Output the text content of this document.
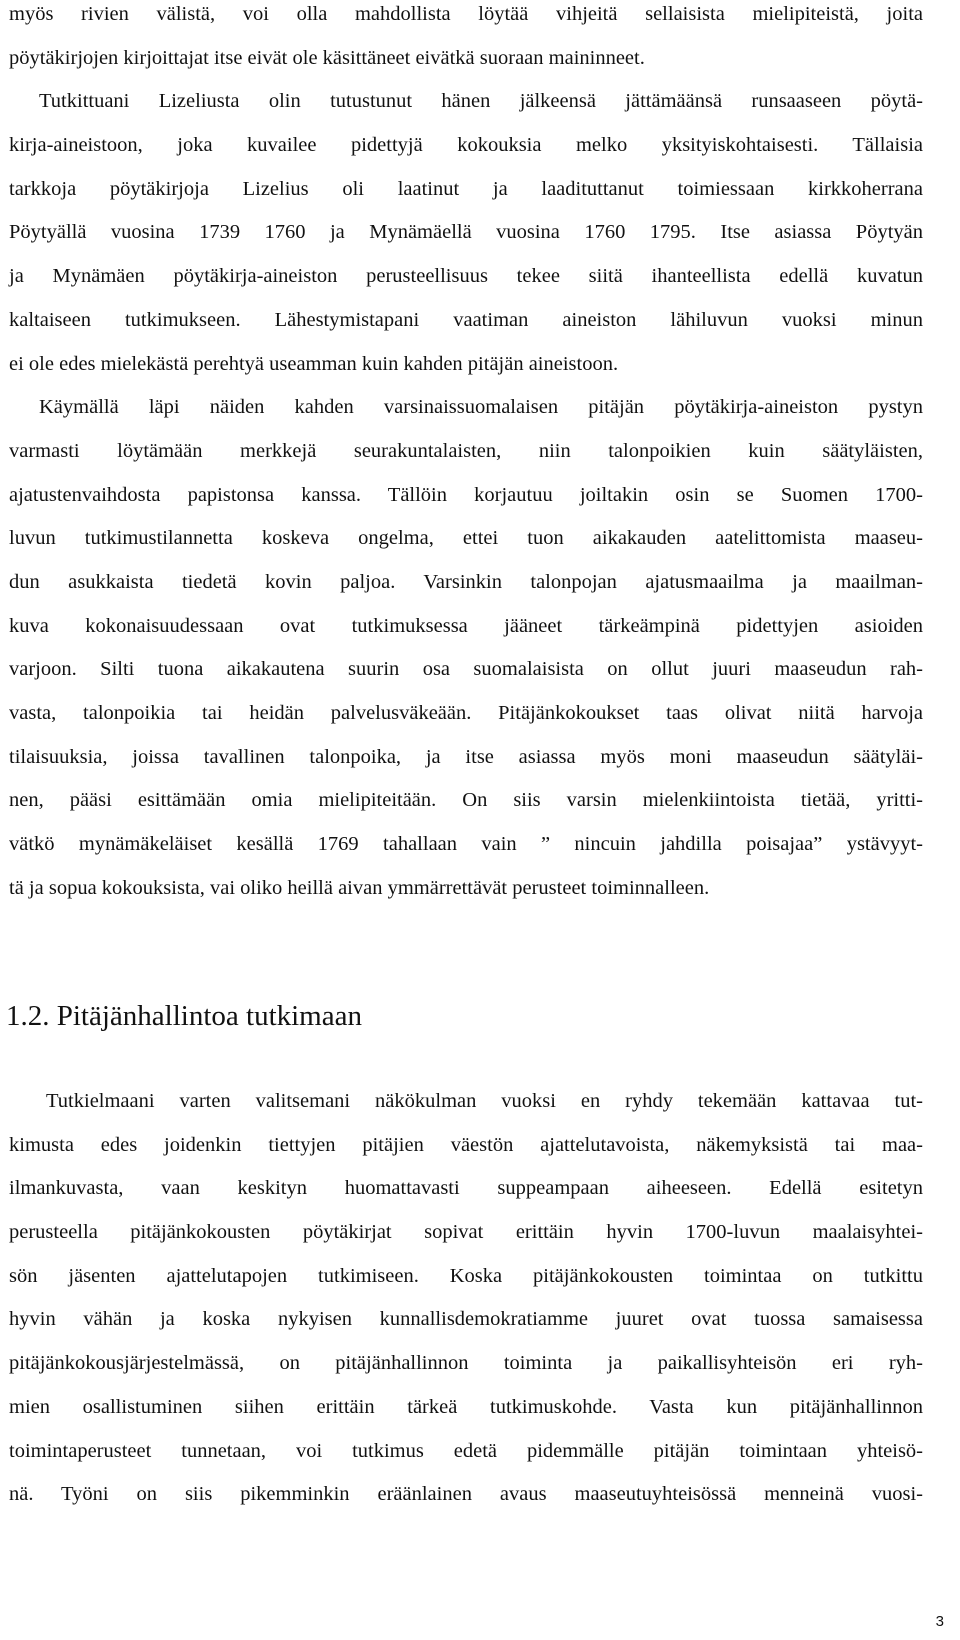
myös rivien välistä, voi olla mahdollista löytää vihjeitä sellaisista mielipiteistä, joita
pöytäkirjojen kirjoittajat itse eivät ole käsittäneet eivätkä suoraan maininneet.
Tutkittuani Lizeliusta olin tutustunut hänen jälkeensä jättämäänsä runsaaseen pöytä-
kirja-aineistoon, joka kuvailee pidettyjä kokouksia melko yksityiskohtaisesti. Tällaisia
tarkkoja pöytäkirjoja Lizelius oli laatinut ja laadituttanut toimiessaan kirkkoherrana
Pöytyällä vuosina 1739 1760 ja Mynämäellä vuosina 1760 1795. Itse asiassa Pöytyän
ja Mynämäen pöytäkirja-aineiston perusteellisuus tekee siitä ihanteellista edellä kuvatun
kaltaiseen tutkimukseen. Lähestymistapani vaatiman aineiston lähiluvun vuoksi minun
ei ole edes mielekästä perehtyä useamman kuin kahden pitäjän aineistoon.
Käymällä läpi näiden kahden varsinaissuomalaisen pitäjän pöytäkirja-aineiston pystyn
varmasti löytämään merkkejä seurakuntalaisten, niin talonpoikien kuin säätyläisten,
ajatustenvaihdosta papistonsa kanssa. Tällöin korjautuu joiltakin osin se Suomen 1700-
luvun tutkimustilannetta koskeva ongelma, ettei tuon aikakauden aatelittomista maaseu-
dun asukkaista tiedetä kovin paljoa. Varsinkin talonpojan ajatusmaailma ja maailman-
kuva kokonaisuudessaan ovat tutkimuksessa jääneet tärkeämpinä pidettyjen asioiden
varjoon. Silti tuona aikakautena suurin osa suomalaisista on ollut juuri maaseudun rah-
vasta, talonpoikia tai heidän palvelusväkeään. Pitäjänkokoukset taas olivat niitä harvoja
tilaisuuksia, joissa tavallinen talonpoika, ja itse asiassa myös moni maaseudun säätyläi-
nen, pääsi esittämään omia mielipiteitään. On siis varsin mielenkiintoista tietää, yritti-
vätkö mynämäkeläiset kesällä 1769 tahallaan vain ” nincuin jahdilla poisajaa” ystävyyt-
tä ja sopua kokouksista, vai oliko heillä aivan ymmärrettävät perusteet toiminnalleen.
1.2. Pitäjänhallintoa tutkimaan
Tutkielmaani varten valitsemani näkökulman vuoksi en ryhdy tekemään kattavaa tut-
kimusta edes joidenkin tiettyjen pitäjien väestön ajattelutavoista, näkemyksistä tai maa-
ilmankuvasta, vaan keskityn huomattavasti suppeampaan aiheeseen. Edellä esitetyn
perusteella pitäjänkokousten pöytäkirjat sopivat erittäin hyvin 1700-luvun maalaisyhtei-
sön jäsenten ajattelutapojen tutkimiseen. Koska pitäjänkokousten toimintaa on tutkittu
hyvin vähän ja koska nykyisen kunnallisdemokratiamme juuret ovat tuossa samaisessa
pitäjänkokousjärjestelmässä, on pitäjänhallinnon toiminta ja paikallisyhteisön eri ryh-
mien osallistuminen siihen erittäin tärkeä tutkimuskohde. Vasta kun pitäjänhallinnon
toimintaperusteet tunnetaan, voi tutkimus edetä pidemmälle pitäjän toimintaan yhteisö-
nä. Työni on siis pikemminkin eräänlainen avaus maaseutuyhteisössä menneinä vuosi-
3
